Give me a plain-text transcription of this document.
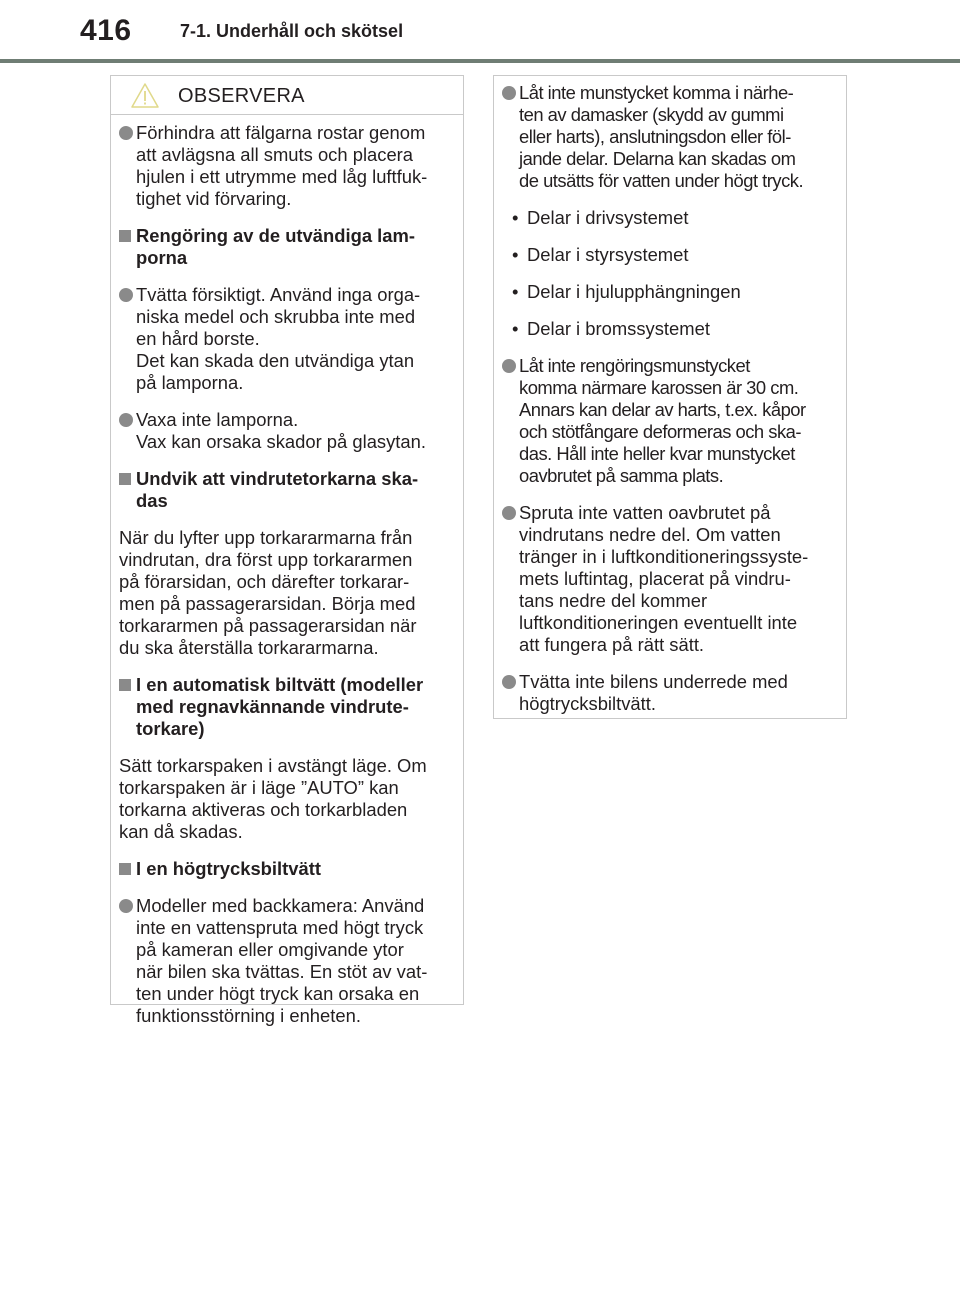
416	7-1. Underhåll och skötsel
OBSERVERA
Förhindra att fälgarna rostar genom
att avlägsna all smuts och placera
hjulen i ett utrymme med låg luftfuk-
tighet vid förvaring.
Rengöring av de utvändiga lam-
porna
Tvätta försiktigt. Använd inga orga-
niska medel och skrubba inte med
en hård borste.
Det kan skada den utvändiga ytan
på lamporna.
Vaxa inte lamporna.
Vax kan orsaka skador på glasytan.
Undvik att vindrutetorkarna ska-
das
När du lyfter upp torkararmarna från
vindrutan, dra först upp torkararmen
på förarsidan, och därefter torkarar-
men på passagerarsidan. Börja med
torkararmen på passagerarsidan när
du ska återställa torkararmarna.
I en automatisk biltvätt (modeller
med regnavkännande vindrute-
torkare)
Sätt torkarspaken i avstängt läge. Om
torkarspaken är i läge ”AUTO” kan
torkarna aktiveras och torkarbladen
kan då skadas.
I en högtrycksbiltvätt
Modeller med backkamera: Använd
inte en vattenspruta med högt tryck
på kameran eller omgivande ytor
när bilen ska tvättas. En stöt av vat-
ten under högt tryck kan orsaka en
funktionsstörning i enheten.
Låt inte munstycket komma i närhe-
ten av damasker (skydd av gummi
eller harts), anslutningsdon eller föl-
jande delar. Delarna kan skadas om
de utsätts för vatten under högt tryck.
• Delar i drivsystemet
• Delar i styrsystemet
• Delar i hjulupphängningen
• Delar i bromssystemet
Låt inte rengöringsmunstycket
komma närmare karossen är 30 cm.
Annars kan delar av harts, t.ex. kåpor
och stötfångare deformeras och ska-
das. Håll inte heller kvar munstycket
oavbrutet på samma plats.
Spruta inte vatten oavbrutet på
vindrutans nedre del. Om vatten
tränger in i luftkonditioneringssyste-
mets luftintag, placerat på vindru-
tans nedre del kommer
luftkonditioneringen eventuellt inte
att fungera på rätt sätt.
Tvätta inte bilens underrede med
högtrycksbiltvätt.
